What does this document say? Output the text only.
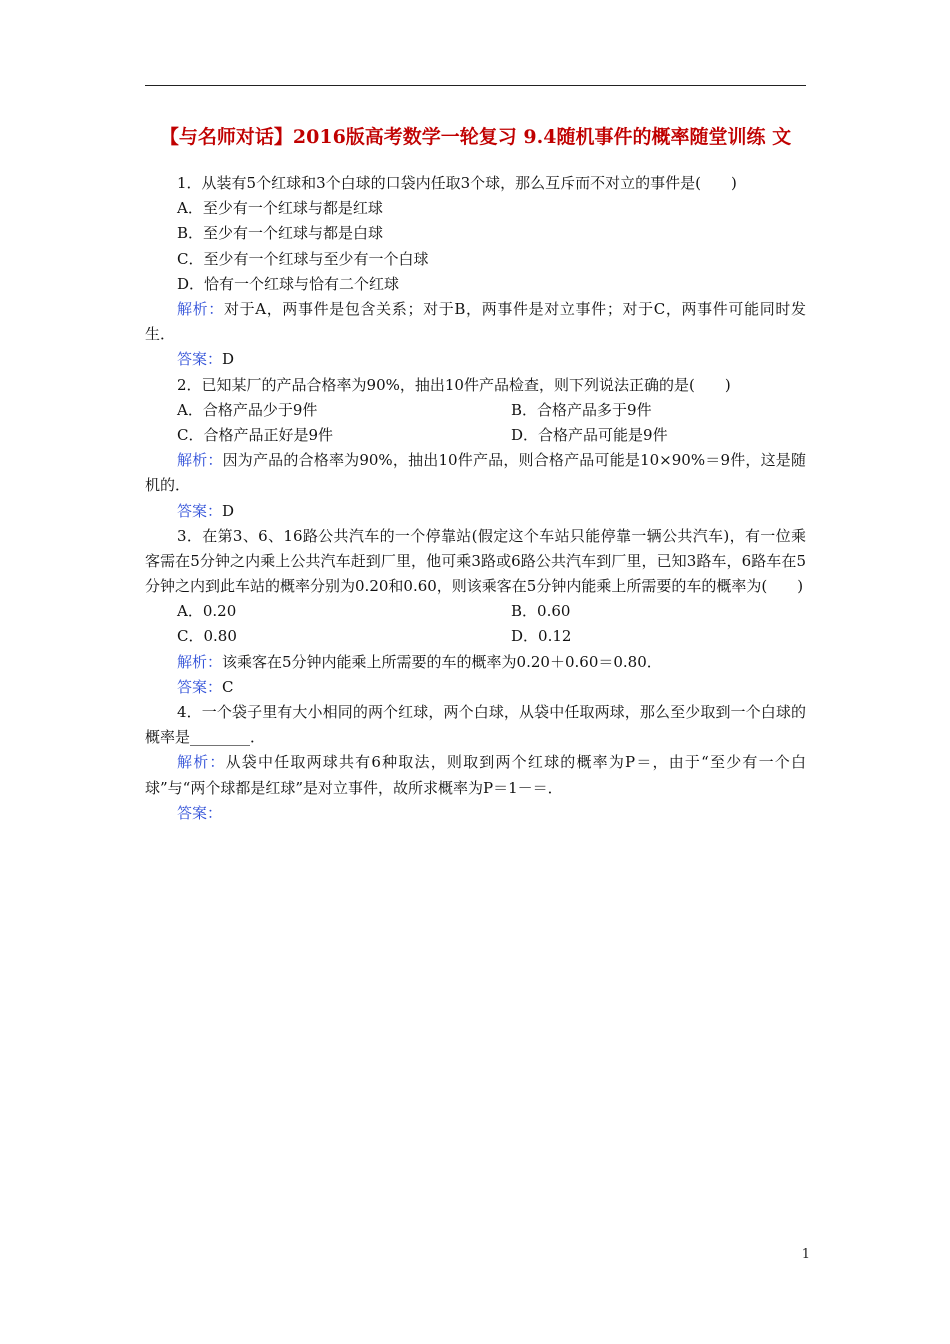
【与名师对话】2016版高考数学一轮复习 9.4随机事件的概率随堂训练 文
1．从装有5个红球和3个白球的口袋内任取3个球，那么互斥而不对立的事件是(　　)
A．至少有一个红球与都是红球
B．至少有一个红球与都是白球
C．至少有一个红球与至少有一个白球
D．恰有一个红球与恰有二个红球
解析：对于A，两事件是包含关系；对于B，两事件是对立事件；对于C，两事件可能同时发生．
答案：D
2．已知某厂的产品合格率为90%，抽出10件产品检查，则下列说法正确的是(　　)
A．合格产品少于9件	B．合格产品多于9件
C．合格产品正好是9件	D．合格产品可能是9件
解析：因为产品的合格率为90%，抽出10件产品，则合格产品可能是10×90%＝9件，这是随机的．
答案：D
3．在第3、6、16路公共汽车的一个停靠站(假定这个车站只能停靠一辆公共汽车)，有一位乘客需在5分钟之内乘上公共汽车赶到厂里，他可乘3路或6路公共汽车到厂里，已知3路车，6路车在5分钟之内到此车站的概率分别为0.20和0.60，则该乘客在5分钟内能乘上所需要的车的概率为(　　)
A．0.20	B．0.60
C．0.80	D．0.12
解析：该乘客在5分钟内能乘上所需要的车的概率为0.20＋0.60＝0.80．
答案：C
4．一个袋子里有大小相同的两个红球，两个白球，从袋中任取两球，那么至少取到一个白球的概率是________．
解析：从袋中任取两球共有6种取法，则取到两个红球的概率为P＝，由于“至少有一个白球”与“两个球都是红球”是对立事件，故所求概率为P＝1－＝．
答案：
1
